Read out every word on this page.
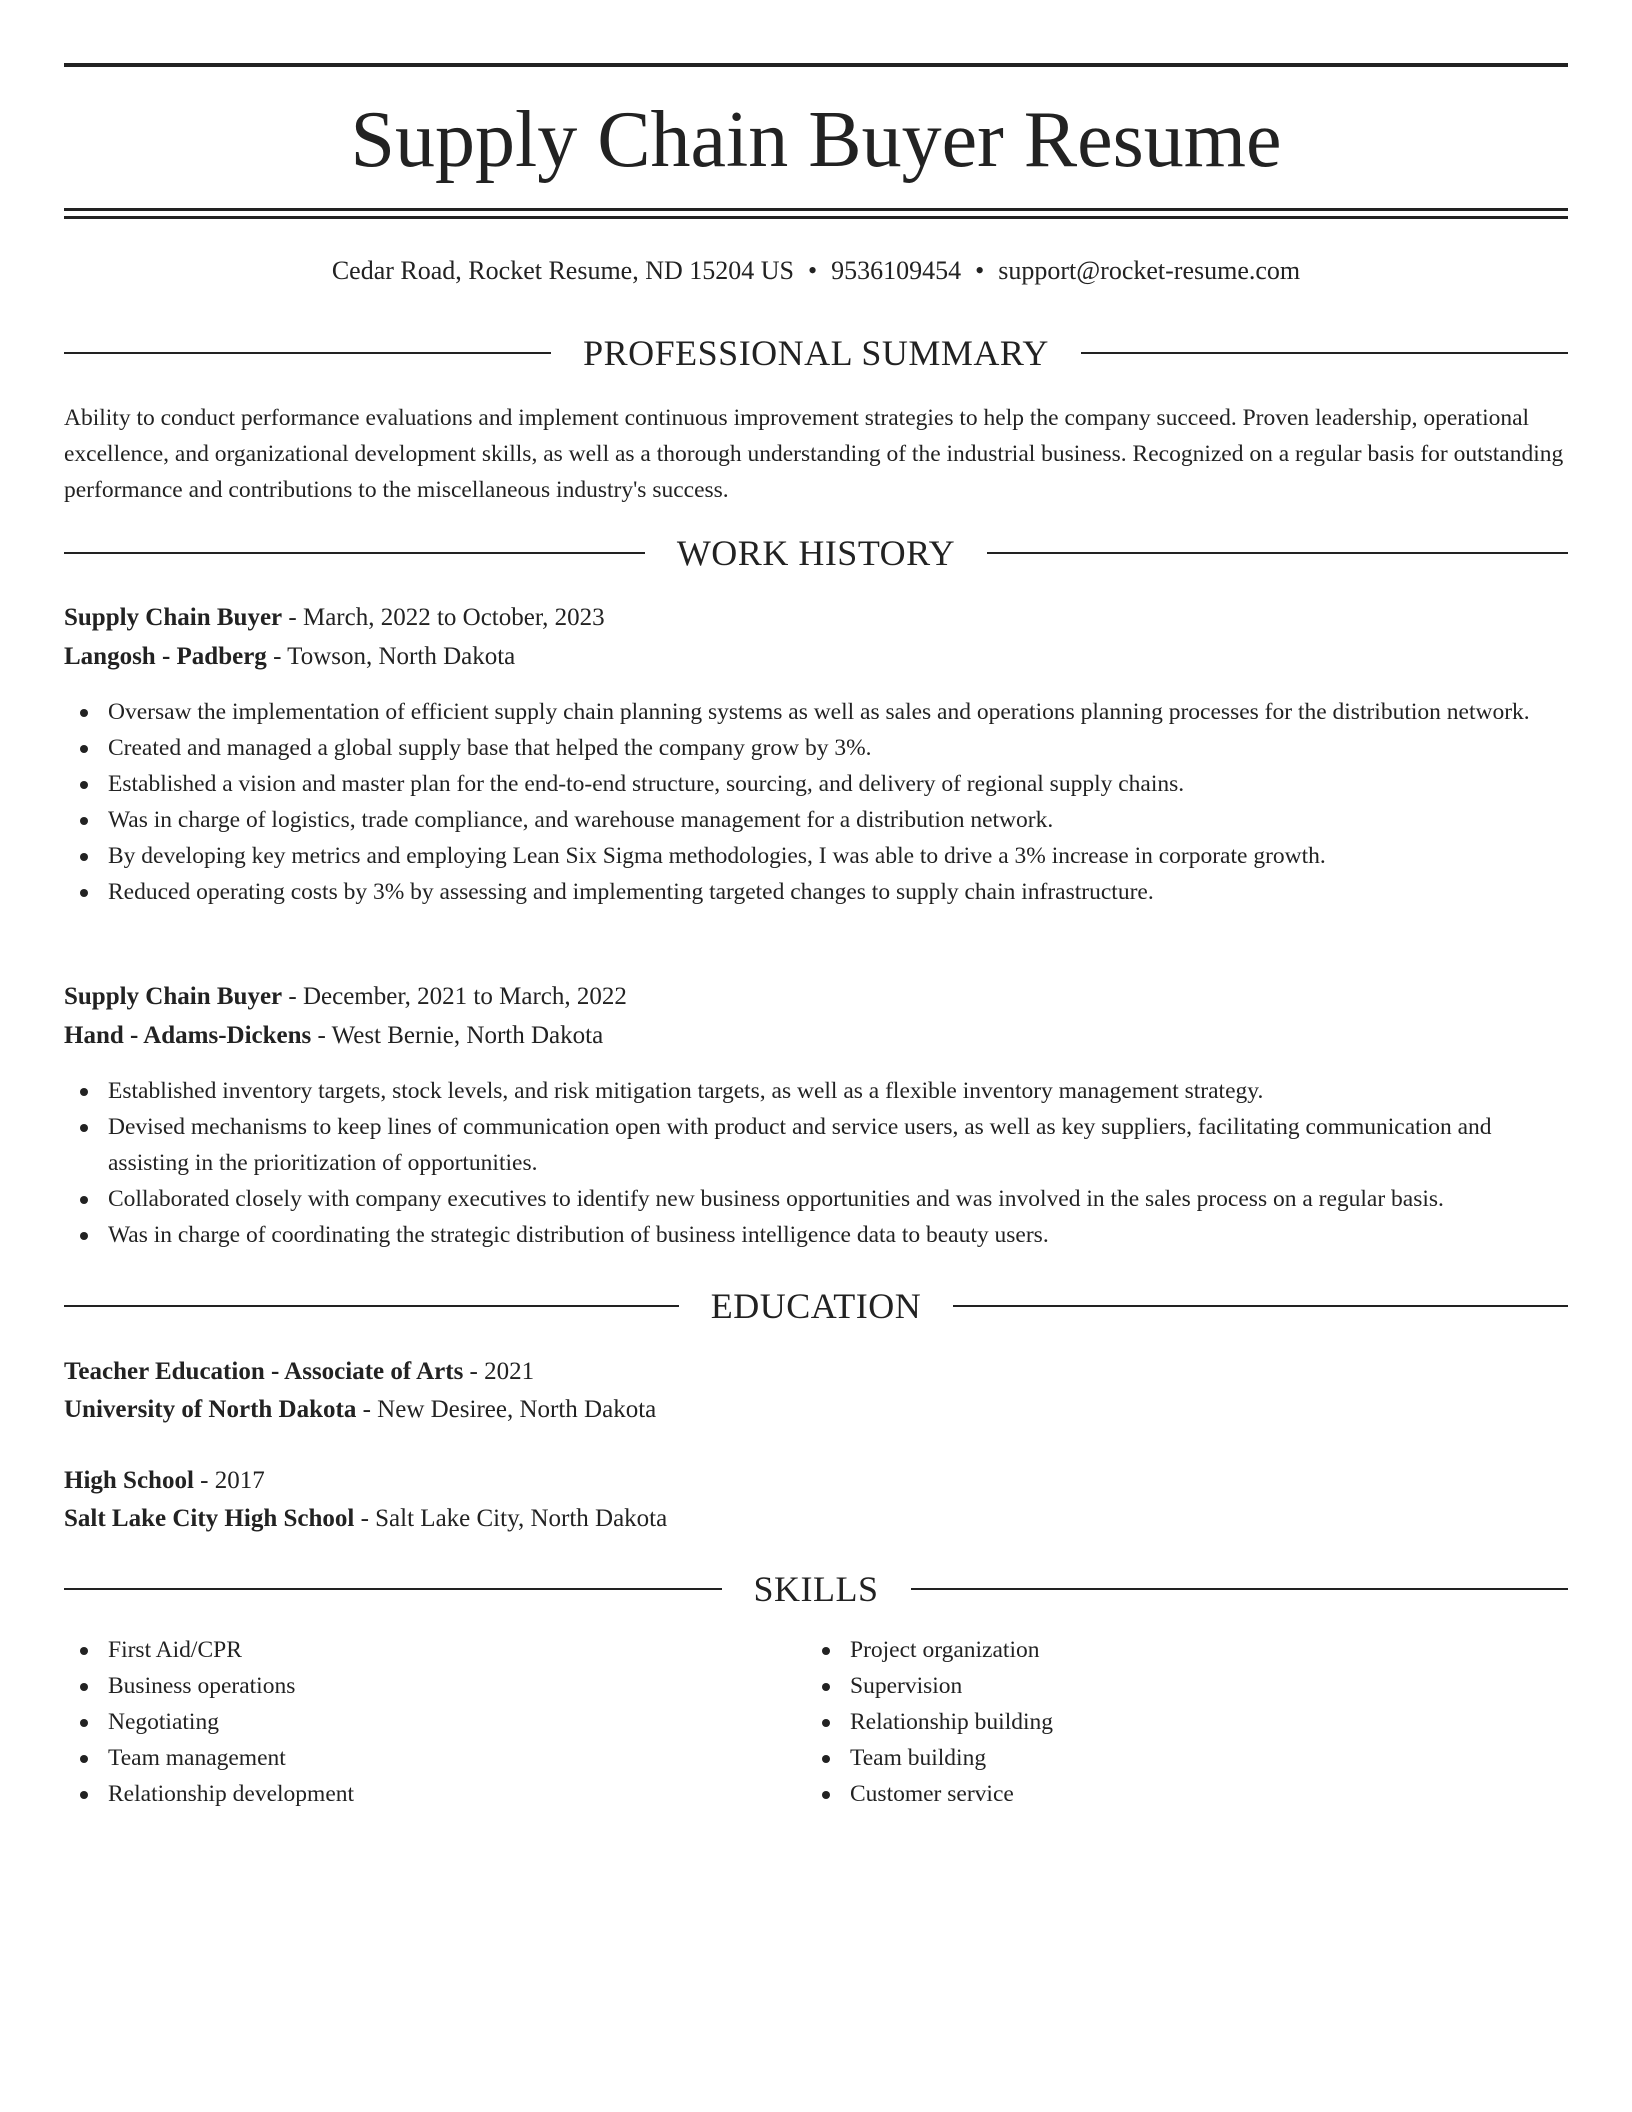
Supply Chain Buyer Resume
Cedar Road, Rocket Resume, ND 15204 US • 9536109454 • support@rocket-resume.com
PROFESSIONAL SUMMARY

Ability to conduct performance evaluations and implement continuous improvement strategies to help the company succeed. Proven leadership, operational excellence, and organizational development skills, as well as a thorough understanding of the industrial business. Recognized on a regular basis for outstanding performance and contributions to the miscellaneous industry's success.

WORK HISTORY
Supply Chain Buyer - March, 2022 to October, 2023
Langosh - Padberg - Towson, North Dakota
Oversaw the implementation of efficient supply chain planning systems as well as sales and operations planning processes for the distribution network.
Created and managed a global supply base that helped the company grow by 3%.
Established a vision and master plan for the end-to-end structure, sourcing, and delivery of regional supply chains.
Was in charge of logistics, trade compliance, and warehouse management for a distribution network.
By developing key metrics and employing Lean Six Sigma methodologies, I was able to drive a 3% increase in corporate growth.
Reduced operating costs by 3% by assessing and implementing targeted changes to supply chain infrastructure.
Supply Chain Buyer - December, 2021 to March, 2022
Hand - Adams-Dickens - West Bernie, North Dakota
Established inventory targets, stock levels, and risk mitigation targets, as well as a flexible inventory management strategy.
Devised mechanisms to keep lines of communication open with product and service users, as well as key suppliers, facilitating communication and assisting in the prioritization of opportunities.
Collaborated closely with company executives to identify new business opportunities and was involved in the sales process on a regular basis.
Was in charge of coordinating the strategic distribution of business intelligence data to beauty users.
EDUCATION
Teacher Education - Associate of Arts - 2021
University of North Dakota - New Desiree, North Dakota
High School - 2017
Salt Lake City High School - Salt Lake City, North Dakota
SKILLS
First Aid/CPR
Business operations
Negotiating
Team management
Relationship development
Project organization
Supervision
Relationship building
Team building
Customer service
